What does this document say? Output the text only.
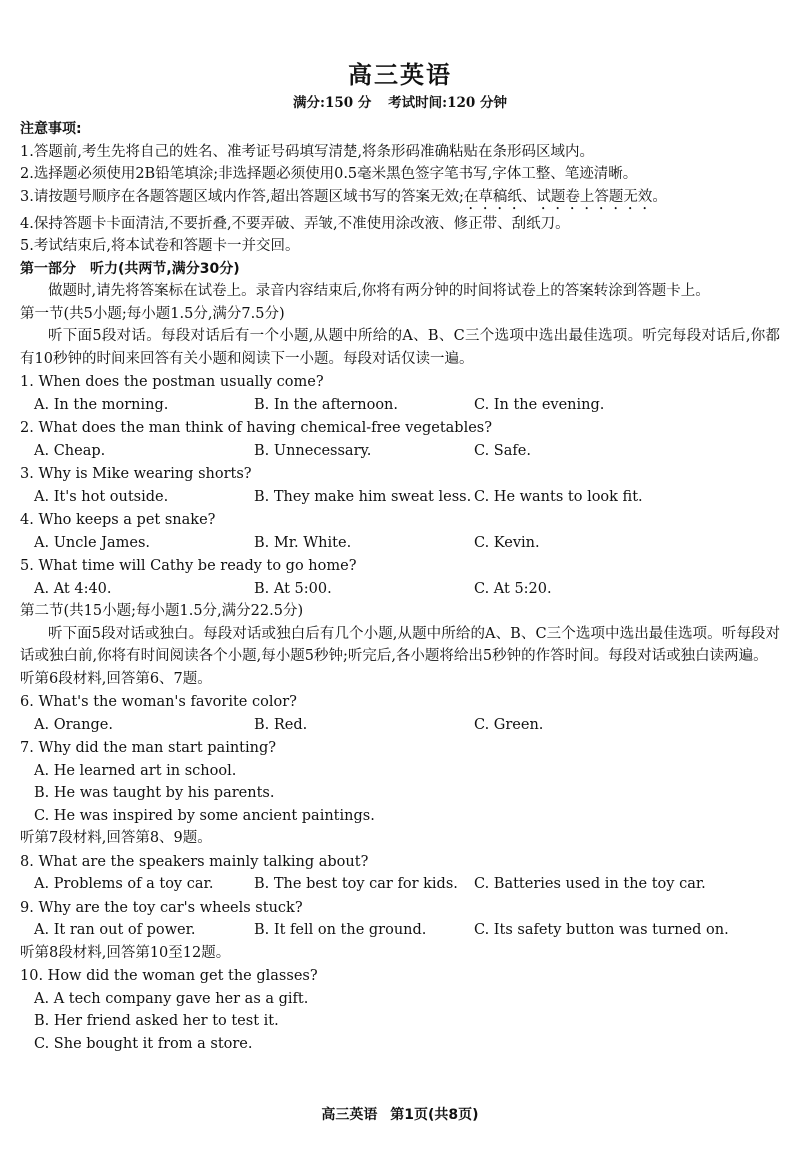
高三英语
满分:150 分 考试时间:120 分钟
注意事项:
1.答题前,考生先将自己的姓名、准考证号码填写清楚,将条形码准确粘贴在条形码区域内。
2.选择题必须使用2B铅笔填涂;非选择题必须使用0.5毫米黑色签字笔书写,字体工整、笔迹清晰。
3.请按题号顺序在各题答题区域内作答,超出答题区域书写的答案无效;在草稿纸、试题卷上答题无效。
4.保持答题卡卡面清洁,不要折叠,不要弄破、弄皱,不准使用涂改液、修正带、刮纸刀。
5.考试结束后,将本试卷和答题卡一并交回。
第一部分　听力(共两节,满分30分)
做题时,请先将答案标在试卷上。录音内容结束后,你将有两分钟的时间将试卷上的答案转涂到答题卡上。
第一节(共5小题;每小题1.5分,满分7.5分)
听下面5段对话。每段对话后有一个小题,从题中所给的A、B、C三个选项中选出最佳选项。听完每段对话后,你都有10秒钟的时间来回答有关小题和阅读下一小题。每段对话仅读一遍。
1. When does the postman usually come?
A. In the morning.	B. In the afternoon.	C. In the evening.
2. What does the man think of having chemical-free vegetables?
A. Cheap.	B. Unnecessary.	C. Safe.
3. Why is Mike wearing shorts?
A. It's hot outside.	B. They make him sweat less. C. He wants to look fit.
4. Who keeps a pet snake?
A. Uncle James.	B. Mr. White.	C. Kevin.
5. What time will Cathy be ready to go home?
A. At 4:40.	B. At 5:00.	C. At 5:20.
第二节(共15小题;每小题1.5分,满分22.5分)
听下面5段对话或独白。每段对话或独白后有几个小题,从题中所给的A、B、C三个选项中选出最佳选项。听每段对话或独白前,你将有时间阅读各个小题,每小题5秒钟;听完后,各小题将给出5秒钟的作答时间。每段对话或独白读两遍。
听第6段材料,回答第6、7题。
6. What's the woman's favorite color?
A. Orange.	B. Red.	C. Green.
7. Why did the man start painting?
A. He learned art in school.
B. He was taught by his parents.
C. He was inspired by some ancient paintings.
听第7段材料,回答第8、9题。
8. What are the speakers mainly talking about?
A. Problems of a toy car.	B. The best toy car for kids.	C. Batteries used in the toy car.
9. Why are the toy car's wheels stuck?
A. It ran out of power.	B. It fell on the ground.	C. Its safety button was turned on.
听第8段材料,回答第10至12题。
10. How did the woman get the glasses?
A. A tech company gave her as a gift.
B. Her friend asked her to test it.
C. She bought it from a store.
高三英语 第1页(共8页)
